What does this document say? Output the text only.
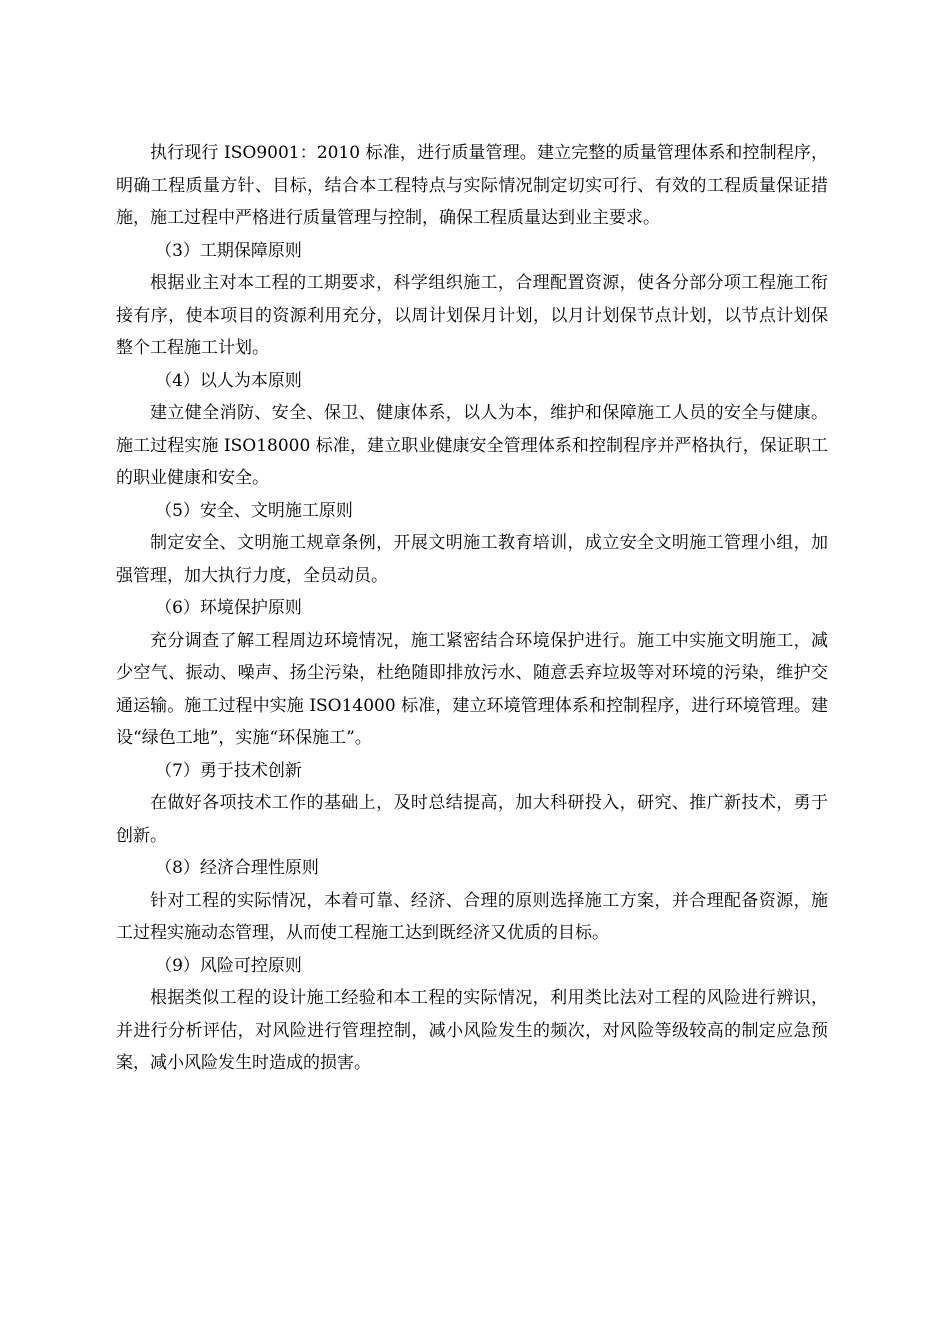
执行现行 ISO9001：2010 标准，进行质量管理。建立完整的质量管理体系和控制程序，明确工程质量方针、目标，结合本工程特点与实际情况制定切实可行、有效的工程质量保证措施，施工过程中严格进行质量管理与控制，确保工程质量达到业主要求。

（3）工期保障原则

根据业主对本工程的工期要求，科学组织施工，合理配置资源，使各分部分项工程施工衔接有序，使本项目的资源利用充分，以周计划保月计划，以月计划保节点计划，以节点计划保整个工程施工计划。

（4）以人为本原则

建立健全消防、安全、保卫、健康体系，以人为本，维护和保障施工人员的安全与健康。施工过程实施 ISO18000 标准，建立职业健康安全管理体系和控制程序并严格执行，保证职工的职业健康和安全。

（5）安全、文明施工原则

制定安全、文明施工规章条例，开展文明施工教育培训，成立安全文明施工管理小组，加强管理，加大执行力度，全员动员。

（6）环境保护原则

充分调查了解工程周边环境情况，施工紧密结合环境保护进行。施工中实施文明施工，减少空气、振动、噪声、扬尘污染，杜绝随即排放污水、随意丢弃垃圾等对环境的污染，维护交通运输。施工过程中实施 ISO14000 标准，建立环境管理体系和控制程序，进行环境管理。建设“绿色工地”，实施“环保施工”。

（7）勇于技术创新

在做好各项技术工作的基础上，及时总结提高，加大科研投入，研究、推广新技术，勇于创新。

（8）经济合理性原则

针对工程的实际情况，本着可靠、经济、合理的原则选择施工方案，并合理配备资源，施工过程实施动态管理，从而使工程施工达到既经济又优质的目标。

（9）风险可控原则

根据类似工程的设计施工经验和本工程的实际情况，利用类比法对工程的风险进行辨识，并进行分析评估，对风险进行管理控制，减小风险发生的频次，对风险等级较高的制定应急预案，减小风险发生时造成的损害。
